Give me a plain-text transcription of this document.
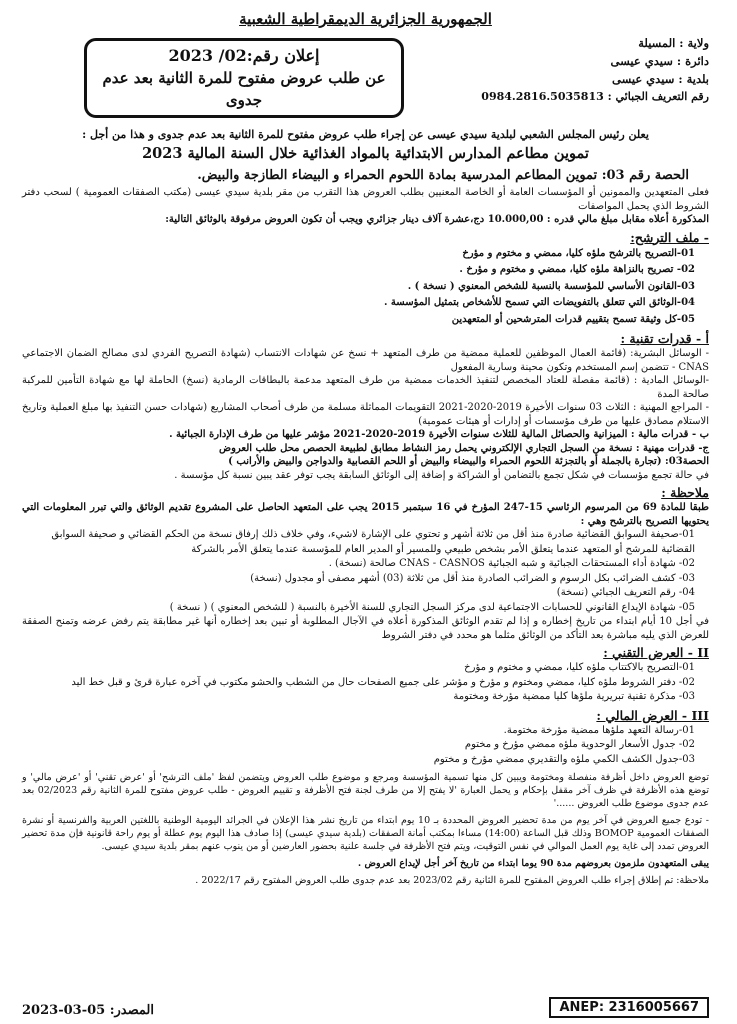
الجمهورية الجزائرية الديمقراطية الشعبية
ولاية : المسيلة
دائرة : سيدي عيسى
بلدية : سيدي عيسى
رقم التعريف الجبائي : 0984.2816.5035813
إعلان رقم:02/ 2023
عن طلب عروض مفتوح للمرة الثانية بعد عدم جدوى
يعلن رئيس المجلس الشعبي لبلدية سيدي عيسى عن إجراء طلب عروض مفتوح للمرة الثانية بعد عدم جدوى و هذا من أجل :
تموين مطاعم المدارس الابتدائية بالمواد الغذائية خلال السنة المالية 2023
الحصة رقم 03: تموين المطاعم المدرسية بمادة اللحوم الحمراء و البيضاء الطازجة والبيض.

فعلى المتعهدين والممونين أو المؤسسات العامة أو الخاصة المعنيين بطلب العروض هذا التقرب من مقر بلدية سيدي عيسى (مكتب الصفقات العمومية ) لسحب دفتر الشروط الذي يحمل المواصفات

المذكورة أعلاه مقابل مبلغ مالي قدره : 10.000,00 دج،عشرة آلاف دينار جزائري ويجب أن تكون العروض مرفوقة بالوثائق التالية:

- ملف الترشح:
01-التصريح بالترشح ملؤه كليا، ممضي و مختوم و مؤرخ
02- تصريح بالنزاهة ملؤه كليا، ممضي و مختوم و مؤرخ .
03-القانون الأساسي للمؤسسة بالنسبة للشخص المعنوي ( نسخة ) .
04-الوثائق التي تتعلق بالتفويضات التي تسمح للأشخاص بتمثيل المؤسسة .
05-كل وثيقة تسمح بتقييم قدرات المترشحين أو المتعهدين
أ - قدرات تقنية :

- الوسائل البشرية: (قائمة العمال الموظفين للعملية ممضية من طرف المتعهد + نسخ عن شهادات الانتساب (شهادة التصريح الفردي لدى مصالح الضمان الاجتماعي CNAS - تتضمن إسم المستخدم وتكون محينة وسارية المفعول

-الوسائل المادية : (قائمة مفصلة للعتاد المخصص لتنفيذ الخدمات ممضية من طرف المتعهد مدعمة بالبطاقات الرمادية (نسخ) الحاملة لها مع شهادة التأمين للمركبة صالحة المدة

- المراجع المهنية : الثلاث 03 سنوات الأخيرة 2019-2020-2021 التقويمات المماثلة مسلمة من طرف أصحاب المشاريع (شهادات حسن التنفيذ بها مبلغ العملية وتاريخ الاستلام مصادق عليها من طرف مؤسسات أو إدارات أو هيئات عمومية)

ب - قدرات مالية : الميزانية والحصائل المالية للثلاث سنوات الأخيرة 2019-2020-2021 مؤشر عليها من طرف الإدارة الجبائية .

ج- قدرات مهنية : نسخة من السجل التجاري الإلكتروني يحمل رمز النشاط مطابق لطبيعة الحصص محل طلب العروض

الحصة03: (تجارة بالجملة أو بالتجزئة اللحوم الحمراء والبيضاء والبيض أو اللحم القصابية والدواجن والبيض والأرانب )

في حالة تجمع مؤسسات في شكل تجمع بالتضامن أو الشراكة و إضافة إلى الوثائق السابقة يجب توفر عقد يبين نسبة كل مؤسسة .

ملاحظة :

طبقا للمادة 69 من المرسوم الرئاسي 15-247 المؤرخ في 16 سبتمبر 2015 يجب على المتعهد الحاصل على المشروع تقديم الوثائق والتي تبرر المعلومات التي يحتويها التصريح بالترشح وهي :

01-صحيفة السوابق القضائية صادرة منذ أقل من ثلاثة أشهر و تحتوي على الإشارة لاشيء، وفي خلاف ذلك إرفاق نسخة من الحكم القضائي و صحيفة السوابق القضائية للمرشح أو المتعهد عندما يتعلق الأمر بشخص طبيعي وللمسير أو المدير العام للمؤسسة عندما يتعلق الأمر بالشركة
02- شهادة أداء المستحقات الجبائية و شبه الجبائية CNAS - CASNOS صالحة (نسخة) .
03- كشف الضرائب بكل الرسوم و الضرائب الصادرة منذ أقل من ثلاثة (03) أشهر مصفى أو مجدول (نسخة)
04- رقم التعريف الجبائي (نسخة)
05- شهادة الإيداع القانوني للحسابات الاجتماعية لدى مركز السجل التجاري للسنة الأخيرة بالنسبة ( للشخص المعنوي ) ( نسخة )

في أجل 10 أيام ابتداء من تاريخ إخطاره و إذا لم تقدم الوثائق المذكورة أعلاه في الآجال المطلوبة أو تبين بعد إخطاره أنها غير مطابقة يتم رفض عرضه وتمنح الصفقة للعرض الذي يليه مباشرة بعد التأكد من الوثائق مثلما هو محدد في دفتر الشروط

II - العرض التقني :
01-التصريح بالاكتتاب ملؤه كليا، ممضي و مختوم و مؤرخ
02- دفتر الشروط ملؤه كليا، ممضي ومختوم و مؤرخ و مؤشر على جميع الصفحات حال من الشطب والحشو مكتوب في آخره عبارة قرئ و قبل خط اليد
03- مذكرة تقنية تبريرية ملؤها كليا ممضية مؤرخة ومختومة
III - العرض المالي :
01-رسالة التعهد ملؤها ممضية مؤرخة مختومة.
02- جدول الأسعار الوحدوية ملؤه ممضي مؤرخ و مختوم
03-جدول الكشف الكمي ملؤه والتقديري ممضي مؤرخ و مختوم

توضع العروض داخل أظرفة منفصلة ومختومة ويبين كل منها تسمية المؤسسة ومرجع و موضوع طلب العروض ويتضمن لفظ 'ملف الترشح' أو 'عرض تقني' أو 'عرض مالي' و توضع هذه الأظرفة في ظرف آخر مقفل بإحكام و يحمل العبارة 'لا يفتح إلا من طرف لجنة فتح الأظرفة و تقييم العروض - طلب عروض مفتوح للمرة الثانية رقم 02/2023 بعد عدم جدوى موضوع طلب العروض ......'

- تودع جميع العروض في آخر يوم من مدة تحضير العروض المحددة بـ 10 يوم ابتداء من تاريخ نشر هذا الإعلان في الجرائد اليومية الوطنية باللغتين العربية والفرنسية أو نشرة الصفقات العمومية BOMOP وذلك قبل الساعة (14:00) مساءا بمكتب أمانة الصفقات (بلدية سيدي عيسى) إذا صادف هذا اليوم يوم عطلة أو يوم راحة قانونية فإن مدة تحضير العروض تمدد إلى غاية يوم العمل الموالي في نفس التوقيت، ويتم فتح الأظرفة في جلسة علنية بحضور العارضين أو من ينوب عنهم بمقر بلدية سيدي عيسى.

يبقى المتعهدون ملزمون بعروضهم مدة 90 يوما ابتداء من تاريخ آخر أجل لإيداع العروض .

ملاحظة: تم إطلاق إجراء طلب العروض المفتوح للمرة الثانية رقم 2023/02 بعد عدم جدوى طلب العروض المفتوح رقم 2022/17 .

ANEP: 2316005667
المصدر: 05-03-2023
